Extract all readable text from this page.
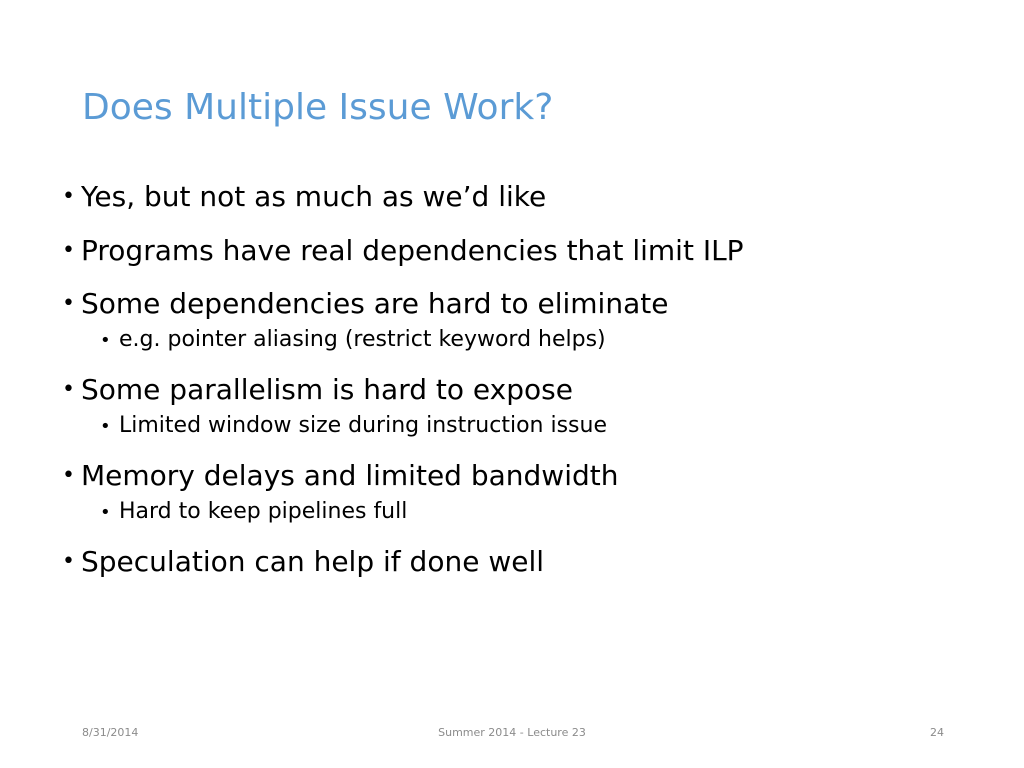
Does Multiple Issue Work?
• Yes, but not as much as we’d like
• Programs have real dependencies that limit ILP
• Some dependencies are hard to eliminate
• e.g. pointer aliasing (restrict keyword helps)
• Some parallelism is hard to expose
• Limited window size during instruction issue
• Memory delays and limited bandwidth
• Hard to keep pipelines full
• Speculation can help if done well
8/31/2014	Summer 2014 - Lecture 23	24
